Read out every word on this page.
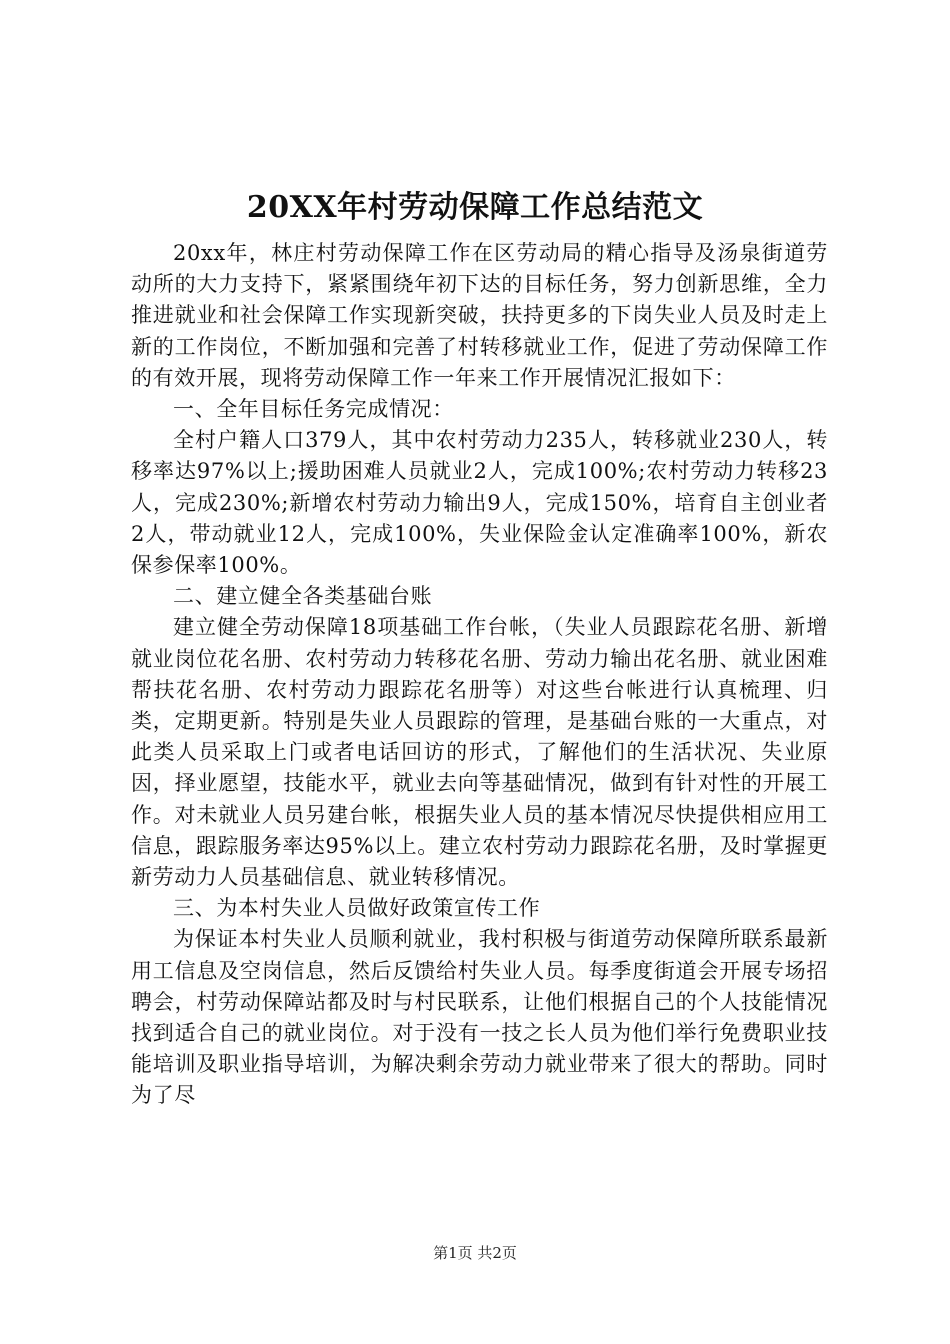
20XX年村劳动保障工作总结范文

20xx年，林庄村劳动保障工作在区劳动局的精心指导及汤泉街道劳动所的大力支持下，紧紧围绕年初下达的目标任务，努力创新思维，全力推进就业和社会保障工作实现新突破，扶持更多的下岗失业人员及时走上新的工作岗位，不断加强和完善了村转移就业工作，促进了劳动保障工作的有效开展，现将劳动保障工作一年来工作开展情况汇报如下：

一、全年目标任务完成情况：

全村户籍人口379人，其中农村劳动力235人，转移就业230人，转移率达97%以上;援助困难人员就业2人，完成100%;农村劳动力转移23人，完成230%;新增农村劳动力输出9人，完成150%，培育自主创业者2人，带动就业12人，完成100%，失业保险金认定准确率100%，新农保参保率100%。

二、建立健全各类基础台账

建立健全劳动保障18项基础工作台帐，（失业人员跟踪花名册、新增就业岗位花名册、农村劳动力转移花名册、劳动力输出花名册、就业困难帮扶花名册、农村劳动力跟踪花名册等）对这些台帐进行认真梳理、归类，定期更新。特别是失业人员跟踪的管理，是基础台账的一大重点，对此类人员采取上门或者电话回访的形式，了解他们的生活状况、失业原因，择业愿望，技能水平，就业去向等基础情况，做到有针对性的开展工作。对未就业人员另建台帐，根据失业人员的基本情况尽快提供相应用工信息，跟踪服务率达95%以上。建立农村劳动力跟踪花名册，及时掌握更新劳动力人员基础信息、就业转移情况。

三、为本村失业人员做好政策宣传工作

为保证本村失业人员顺利就业，我村积极与街道劳动保障所联系最新用工信息及空岗信息，然后反馈给村失业人员。每季度街道会开展专场招聘会，村劳动保障站都及时与村民联系，让他们根据自己的个人技能情况找到适合自己的就业岗位。对于没有一技之长人员为他们举行免费职业技能培训及职业指导培训，为解决剩余劳动力就业带来了很大的帮助。同时为了尽

第1页 共2页
